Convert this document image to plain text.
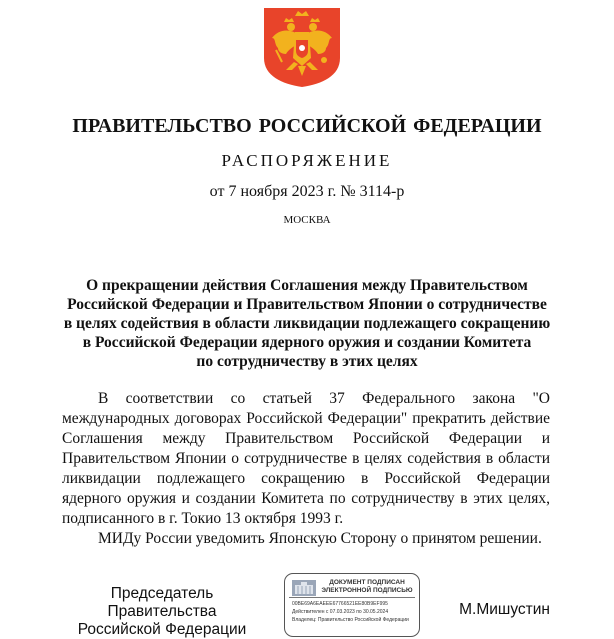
ПРАВИТЕЛЬСТВО РОССИЙСКОЙ ФЕДЕРАЦИИ
РАСПОРЯЖЕНИЕ
от 7 ноября 2023 г. № 3114-р
МОСКВА
О прекращении действия Соглашения между Правительством
Российской Федерации и Правительством Японии о сотрудничестве
в целях содействия в области ликвидации подлежащего сокращению
в Российской Федерации ядерного оружия и создании Комитета
по сотрудничеству в этих целях

В соответствии со статьей 37 Федерального закона "О международных договорах Российской Федерации" прекратить действие Соглашения между Правительством Российской Федерации и Правительством Японии о сотрудничестве в целях содействия в области ликвидации подлежащего сокращению в Российской Федерации ядерного оружия и создании Комитета по сотрудничеству в этих целях, подписанного в г. Токио 13 октября 1993 г.

МИДу России уведомить Японскую Сторону о принятом решении.

Председатель Правительства
Российской Федерации
ДОКУМЕНТ ПОДПИСАН
ЭЛЕКТРОННОЙ ПОДПИСЬЮ
00BE69A6EAEEE67766521ЕЕ80В9ЕF995
Действителен с 07.03.2023 по 30.05.2024
Владелец: Правительство Российской Федерации
М.Мишустин
